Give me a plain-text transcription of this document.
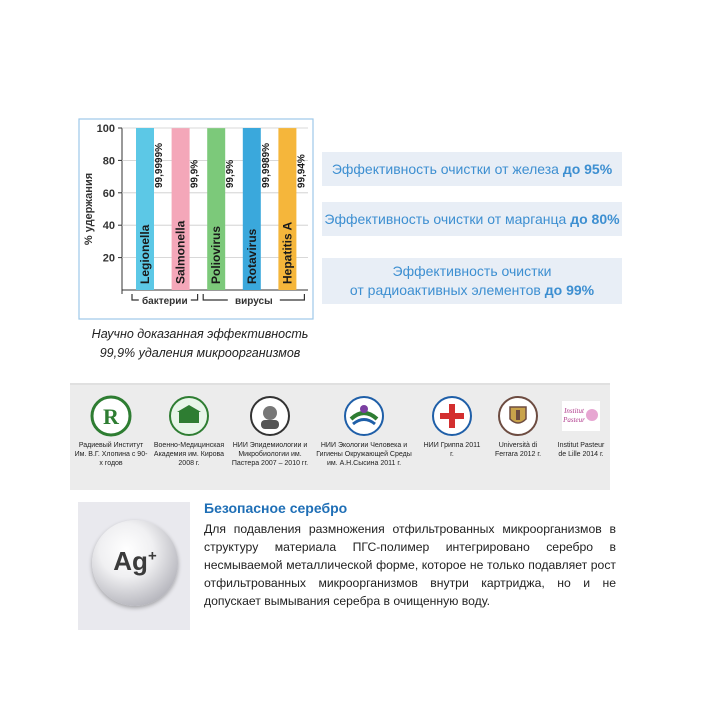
20
40
60
80
100
% удержания
Legionella
99,9999%
Salmonella
99,9%
Poliovirus
99,9%
Rotavirus
99,9989%
Hepatitis A
99,94%
бактерии	вирусы
Научно доказанная эффективность
99,9% удаления микроорганизмов
Эффективность очистки от железа до 95%
Эффективность очистки от марганца до 80%
Эффективность очистки
от радиоактивных элементов до 99%
R
Радиевый Институт Им. В.Г. Хлопина с 90-х годов
Военно-Медицинская Академия им. Кирова 2008 г.
НИИ Эпидемиологии и Микробиологии им. Пастера 2007 – 2010 гг.
НИИ Экологии Человека и Гигиены Окружающей Среды им. А.Н.Сысина 2011 г.
НИИ Гриппа 2011 г.
Università di Ferrara 2012 г.
Institut
Pasteur
Institut Pasteur de Lille 2014 г.
Ag+
Безопасное серебро
Для подавления размножения отфильтрованных микроорганизмов в структуру материала ПГС-полимер интегрировано серебро в несмываемой металлической форме, которое не только подавляет рост отфильтрованных микроорганизмов внутри картриджа, но и не допускает вымывания серебра в очищенную воду.
